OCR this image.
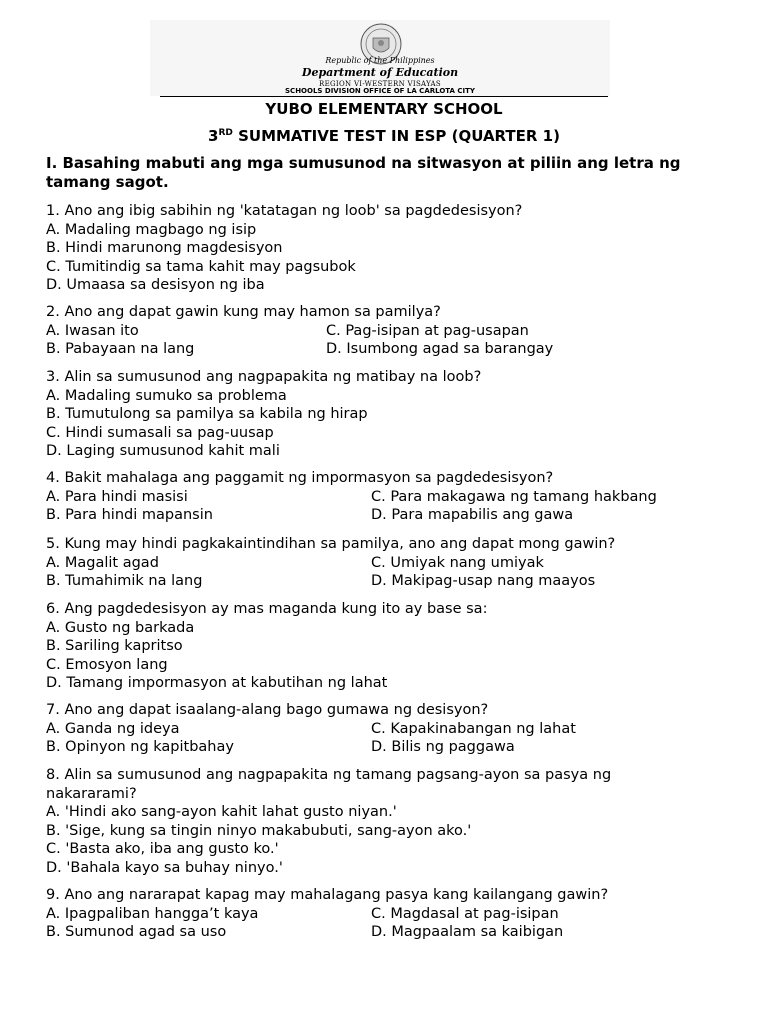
Republic of the Philippines
Department of Education
REGION VI-WESTERN VISAYAS
SCHOOLS DIVISION OFFICE OF LA CARLOTA CITY
YUBO ELEMENTARY SCHOOL
3RD SUMMATIVE TEST IN ESP (QUARTER 1)
I. Basahing mabuti ang mga sumusunod na sitwasyon at piliin ang letra ng tamang sagot.
1. Ano ang ibig sabihin ng 'katatagan ng loob' sa pagdedesisyon?
A. Madaling magbago ng isip
B. Hindi marunong magdesisyon
C. Tumitindig sa tama kahit may pagsubok
D. Umaasa sa desisyon ng iba
2. Ano ang dapat gawin kung may hamon sa pamilya?
A. Iwasan ito	C. Pag-isipan at pag-usapan
B. Pabayaan na lang	D. Isumbong agad sa barangay
3. Alin sa sumusunod ang nagpapakita ng matibay na loob?
A. Madaling sumuko sa problema
B. Tumutulong sa pamilya sa kabila ng hirap
C. Hindi sumasali sa pag-uusap
D. Laging sumusunod kahit mali
4. Bakit mahalaga ang paggamit ng impormasyon sa pagdedesisyon?
A. Para hindi masisi	C. Para makagawa ng tamang hakbang
B. Para hindi mapansin	D. Para mapabilis ang gawa
5. Kung may hindi pagkakaintindihan sa pamilya, ano ang dapat mong gawin?
A. Magalit agad	C. Umiyak nang umiyak
B. Tumahimik na lang	D. Makipag-usap nang maayos
6. Ang pagdedesisyon ay mas maganda kung ito ay base sa:
A. Gusto ng barkada
B. Sariling kapritso
C. Emosyon lang
D. Tamang impormasyon at kabutihan ng lahat
7. Ano ang dapat isaalang-alang bago gumawa ng desisyon?
A. Ganda ng ideya	C. Kapakinabangan ng lahat
B. Opinyon ng kapitbahay	D. Bilis ng paggawa
8. Alin sa sumusunod ang nagpapakita ng tamang pagsang-ayon sa pasya ng nakararami?
A. 'Hindi ako sang-ayon kahit lahat gusto niyan.'
B. 'Sige, kung sa tingin ninyo makabubuti, sang-ayon ako.'
C. 'Basta ako, iba ang gusto ko.'
D. 'Bahala kayo sa buhay ninyo.'
9. Ano ang nararapat kapag may mahalagang pasya kang kailangang gawin?
A. Ipagpaliban hangga’t kaya	C. Magdasal at pag-isipan
B. Sumunod agad sa uso	D. Magpaalam sa kaibigan
